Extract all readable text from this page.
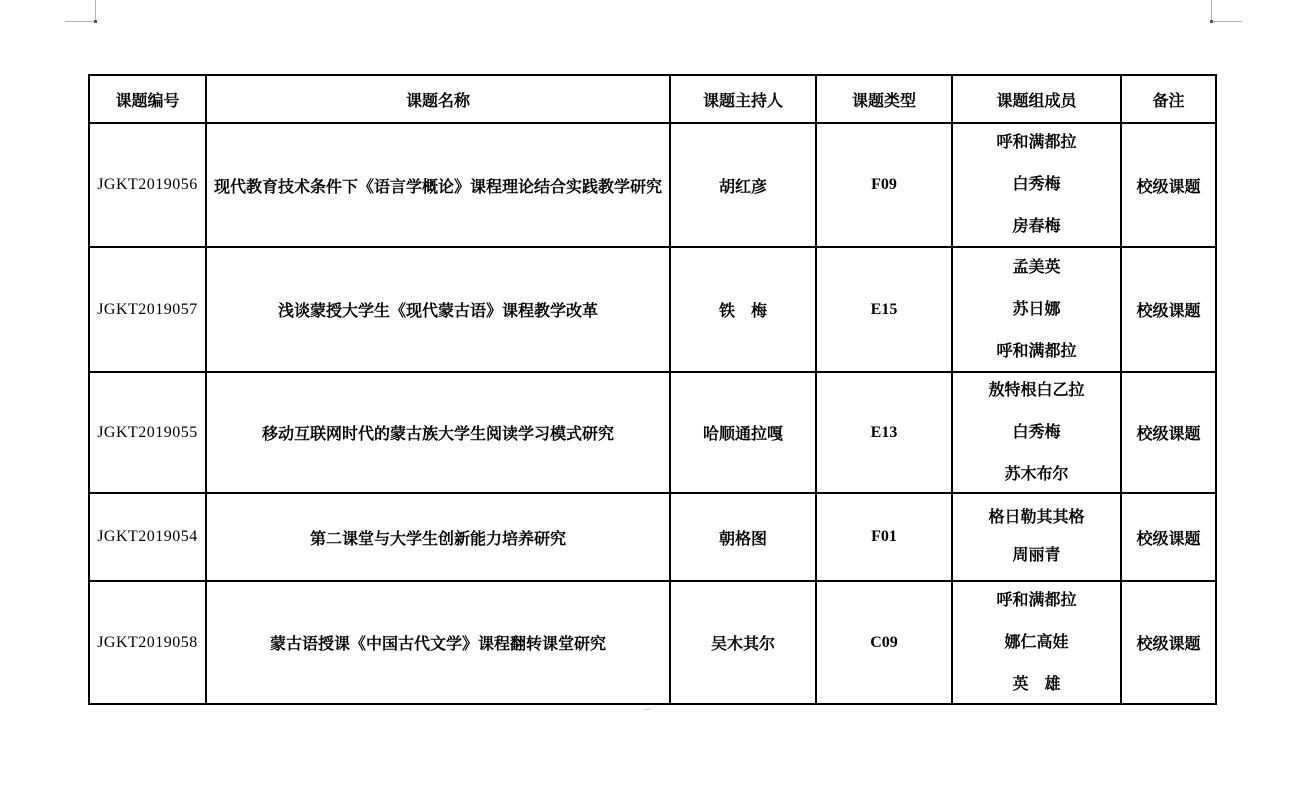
课题编号	课题名称	课题主持人	课题类型	课题组成员	备注
JGKT2019056	现代教育技术条件下《语言学概论》课程理论结合实践教学研究	胡红彦	F09	呼和满都拉
白秀梅
房春梅	校级课题
JGKT2019057	浅谈蒙授大学生《现代蒙古语》课程教学改革	铁　梅	E15	孟美英
苏日娜
呼和满都拉	校级课题
JGKT2019055	移动互联网时代的蒙古族大学生阅读学习模式研究	哈顺通拉嘎	E13	敖特根白乙拉
白秀梅
苏木布尔	校级课题
JGKT2019054	第二课堂与大学生创新能力培养研究	朝格图	F01	格日勒其其格
周丽青	校级课题
JGKT2019058	蒙古语授课《中国古代文学》课程翻转课堂研究	吴木其尔	C09	呼和满都拉
娜仁高娃
英　雄	校级课题
